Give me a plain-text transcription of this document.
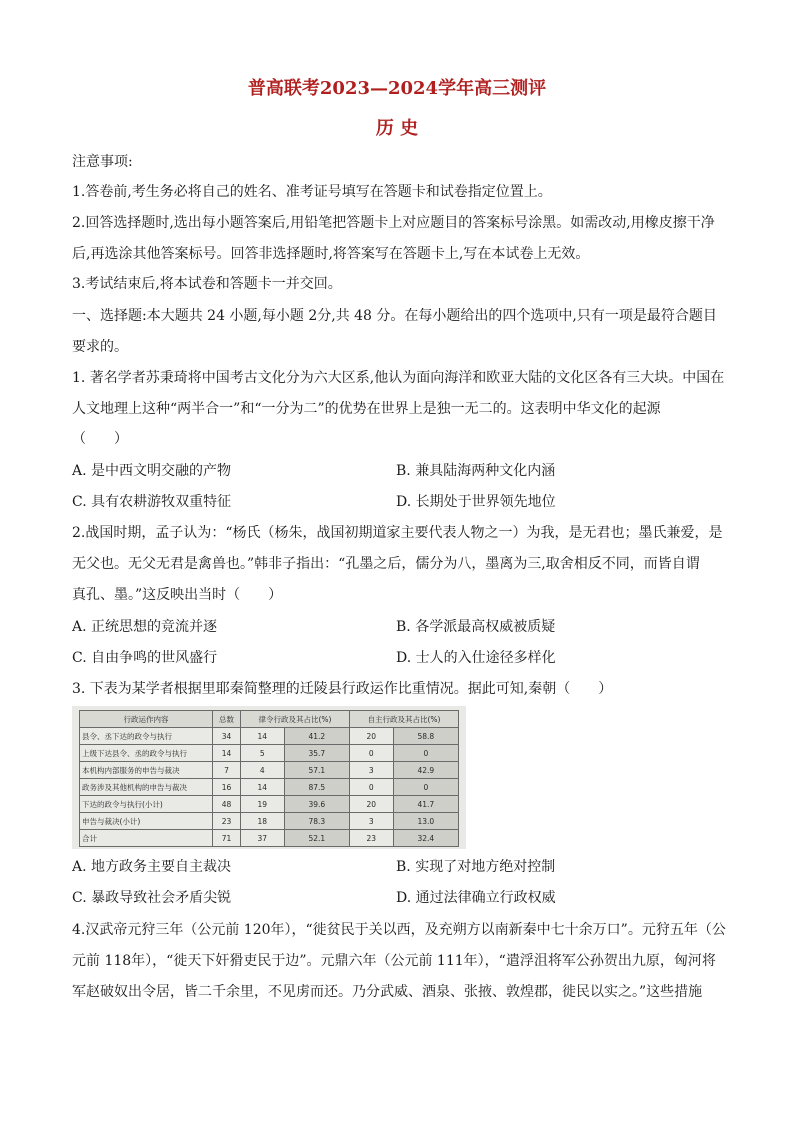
普高联考2023—2024学年高三测评
历 史
注意事项:
1.答卷前,考生务必将自己的姓名、准考证号填写在答题卡和试卷指定位置上。
2.回答选择题时,选出每小题答案后,用铅笔把答题卡上对应题目的答案标号涂黑。如需改动,用橡皮擦干净
后,再选涂其他答案标号。回答非选择题时,将答案写在答题卡上,写在本试卷上无效。
3.考试结束后,将本试卷和答题卡一并交回。
一、选择题:本大题共 24 小题,每小题 2分,共 48 分。在每小题给出的四个选项中,只有一项是最符合题目
要求的。
1. 著名学者苏秉琦将中国考古文化分为六大区系,他认为面向海洋和欧亚大陆的文化区各有三大块。中国在
人文地理上这种“两半合一”和“一分为二”的优势在世界上是独一无二的。这表明中华文化的起源
（　　）
A. 是中西文明交融的产物	B. 兼具陆海两种文化内涵
C. 具有农耕游牧双重特征	D. 长期处于世界领先地位
2.战国时期，孟子认为：“杨氏（杨朱，战国初期道家主要代表人物之一）为我，是无君也；墨氏兼爱，是
无父也。无父无君是禽兽也。”韩非子指出：“孔墨之后，儒分为八，墨离为三,取舍相反不同，而皆自谓
真孔、墨。”这反映出当时（　　）
A. 正统思想的竞流并逐	B. 各学派最高权威被质疑
C. 自由争鸣的世风盛行	D. 士人的入仕途径多样化
3. 下表为某学者根据里耶秦简整理的迁陵县行政运作比重情况。据此可知,秦朝（　　）
行政运作内容	总数	律令行政及其占比(%)		自主行政及其占比(%)	
县令、丞下达的政令与执行	34	14	41.2	20	58.8
上级下达县令、丞的政令与执行	14	5	35.7	0	0
本机构内部服务的申告与裁决	7	4	57.1	3	42.9
政务涉及其他机构的申告与裁决	16	14	87.5	0	0
下达的政令与执行(小计)	48	19	39.6	20	41.7
申告与裁决(小计)	23	18	78.3	3	13.0
合计	71	37	52.1	23	32.4
A. 地方政务主要自主裁决	B. 实现了对地方绝对控制
C. 暴政导致社会矛盾尖锐	D. 通过法律确立行政权威
4.汉武帝元狩三年（公元前 120年），“徙贫民于关以西，及充朔方以南新秦中七十余万口”。元狩五年（公
元前 118年），“徙天下奸猾吏民于边”。元鼎六年（公元前 111年），“遣浮沮将军公孙贺出九原，匈河将
军赵破奴出令居，皆二千余里，不见虏而还。乃分武威、酒泉、张掖、敦煌郡，徙民以实之。”这些措施
